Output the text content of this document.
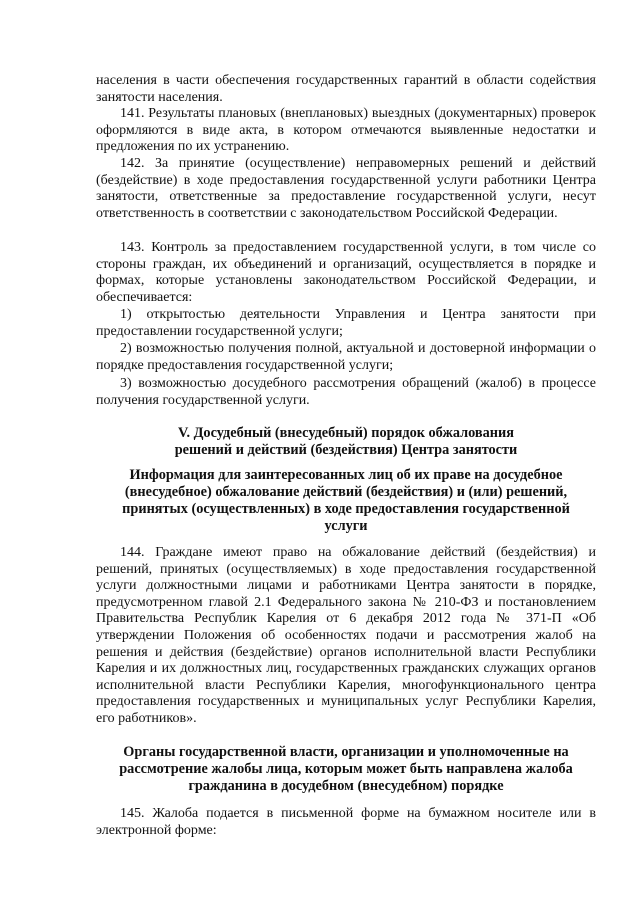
населения в части обеспечения государственных гарантий в области содействия занятости населения.

141. Результаты плановых (внеплановых) выездных (документарных) проверок оформляются в виде акта, в котором отмечаются выявленные недостатки и предложения по их устранению.

142. За принятие (осуществление) неправомерных решений и действий (бездействие) в ходе предоставления государственной услуги работники Центра занятости, ответственные за предоставление государственной услуги, несут ответственность в соответствии с законодательством Российской Федерации.

143. Контроль за предоставлением государственной услуги, в том числе со стороны граждан, их объединений и организаций, осуществляется в порядке и формах, которые установлены законодательством Российской Федерации, и обеспечивается:

1) открытостью деятельности Управления и Центра занятости при предоставлении государственной услуги;

2) возможностью получения полной, актуальной и достоверной информации о порядке предоставления государственной услуги;

3) возможностью досудебного рассмотрения обращений (жалоб) в процессе получения государственной услуги.

V. Досудебный (внесудебный) порядок обжалования
решений и действий (бездействия) Центра занятости
Информация для заинтересованных лиц об их праве на досудебное (внесудебное) обжалование действий (бездействия) и (или) решений, принятых (осуществленных) в ходе предоставления государственной услуги

144. Граждане имеют право на обжалование действий (бездействия) и решений, принятых (осуществляемых) в ходе предоставления государственной услуги должностными лицами и работниками Центра занятости в порядке, предусмотренном главой 2.1 Федерального закона № 210-ФЗ и постановлением Правительства Республик Карелия от 6 декабря 2012 года № 371-П «Об утверждении Положения об особенностях подачи и рассмотрения жалоб на решения и действия (бездействие) органов исполнительной власти Республики Карелия и их должностных лиц, государственных гражданских служащих органов исполнительной власти Республики Карелия, многофункционального центра предоставления государственных и муниципальных услуг Республики Карелия, его работников».

Органы государственной власти, организации и уполномоченные на рассмотрение жалобы лица, которым может быть направлена жалоба гражданина в досудебном (внесудебном) порядке

145. Жалоба подается в письменной форме на бумажном носителе или в электронной форме:
